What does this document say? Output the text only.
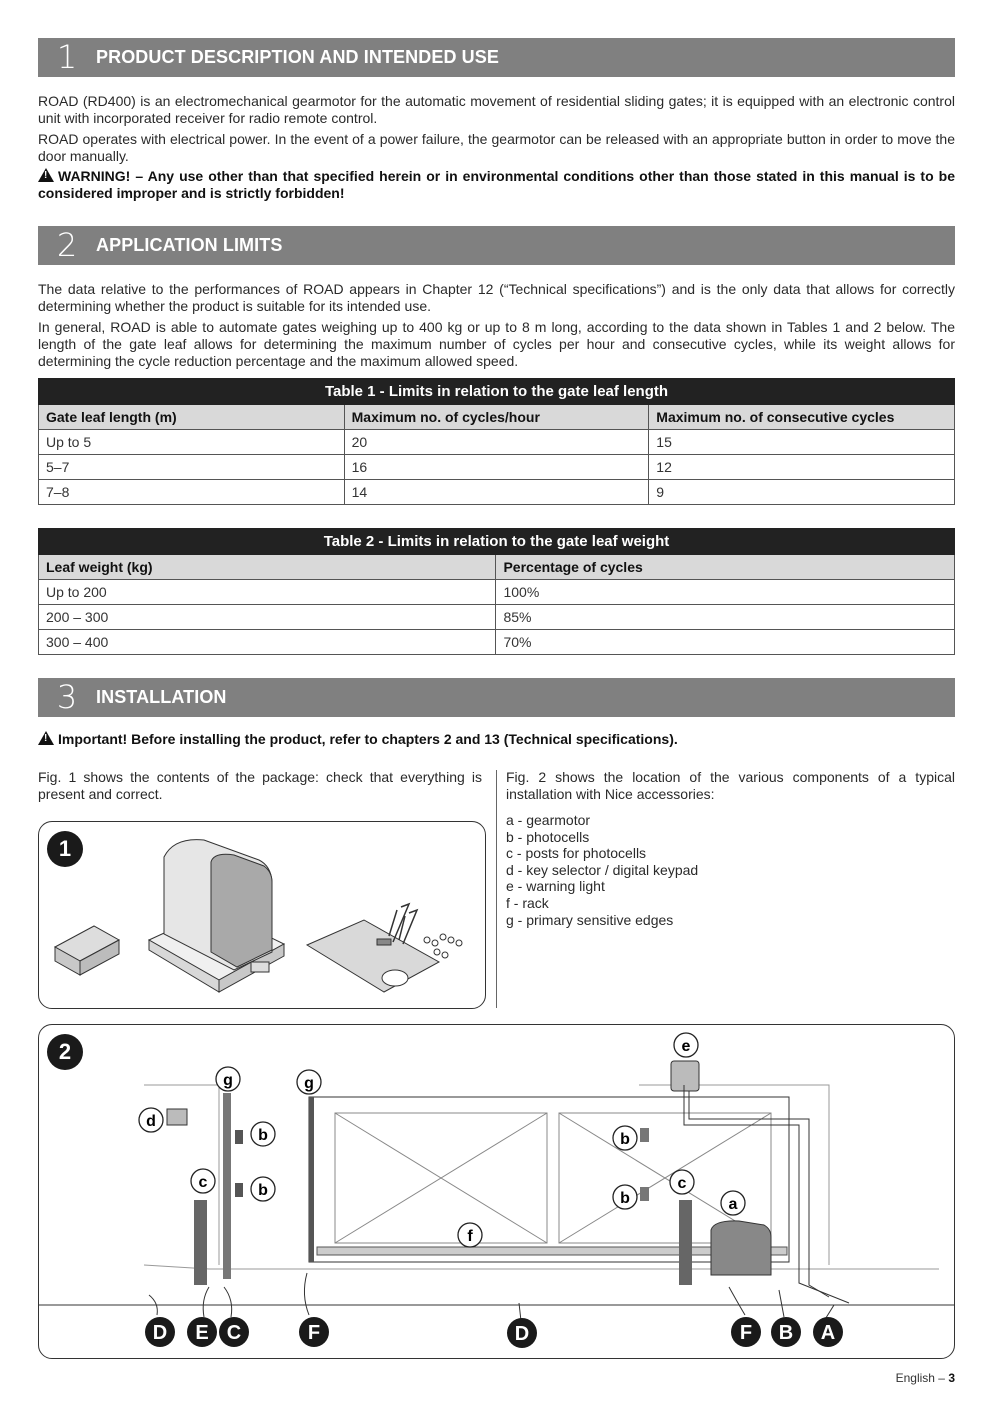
1	PRODUCT DESCRIPTION AND INTENDED USE

ROAD (RD400) is an electromechanical gearmotor for the automatic movement of residential sliding gates; it is equipped with an electronic control unit with incorporated receiver for radio remote control.

ROAD operates with electrical power. In the event of a power failure, the gearmotor can be released with an appropriate button in order to move the door manually.

!WARNING! – Any use other than that specified herein or in environmental conditions other than those stated in this manual is to be considered improper and is strictly forbidden!

2	APPLICATION LIMITS

The data relative to the performances of ROAD appears in Chapter 12 (“Technical specifications”) and is the only data that allows for correctly determining whether the product is suitable for its intended use.

In general, ROAD is able to automate gates weighing up to 400 kg or up to 8 m long, according to the data shown in Tables 1 and 2 below. The length of the gate leaf allows for determining the maximum number of cycles per hour and consecutive cycles, while its weight allows for determining the cycle reduction percentage and the maximum allowed speed.

Table 1 - Limits in relation to the gate leaf length		
Gate leaf length (m)	Maximum no. of cycles/hour	Maximum no. of consecutive cycles
Up to 5	20	15
5–7	16	12
7–8	14	9
Table 2 - Limits in relation to the gate leaf weight	
Leaf weight (kg)	Percentage of cycles
Up to 200	100%
200 – 300	85%
300 – 400	70%
3	INSTALLATION

!Important! Before installing the product, refer to chapters 2 and 13 (Technical specifications).

Fig. 1 shows the contents of the package: check that everything is present and correct.

Fig. 2 shows the location of the various components of a typical installation with Nice accessories:

a - gearmotor
b - photocells
c - posts for photocells
d - key selector / digital keypad
e - warning light
f - rack
g - primary sensitive edges
1
2	e
g	g
d
b
b
c
b
b
c
a
f
D E C	F	D	F B A
English – 3
